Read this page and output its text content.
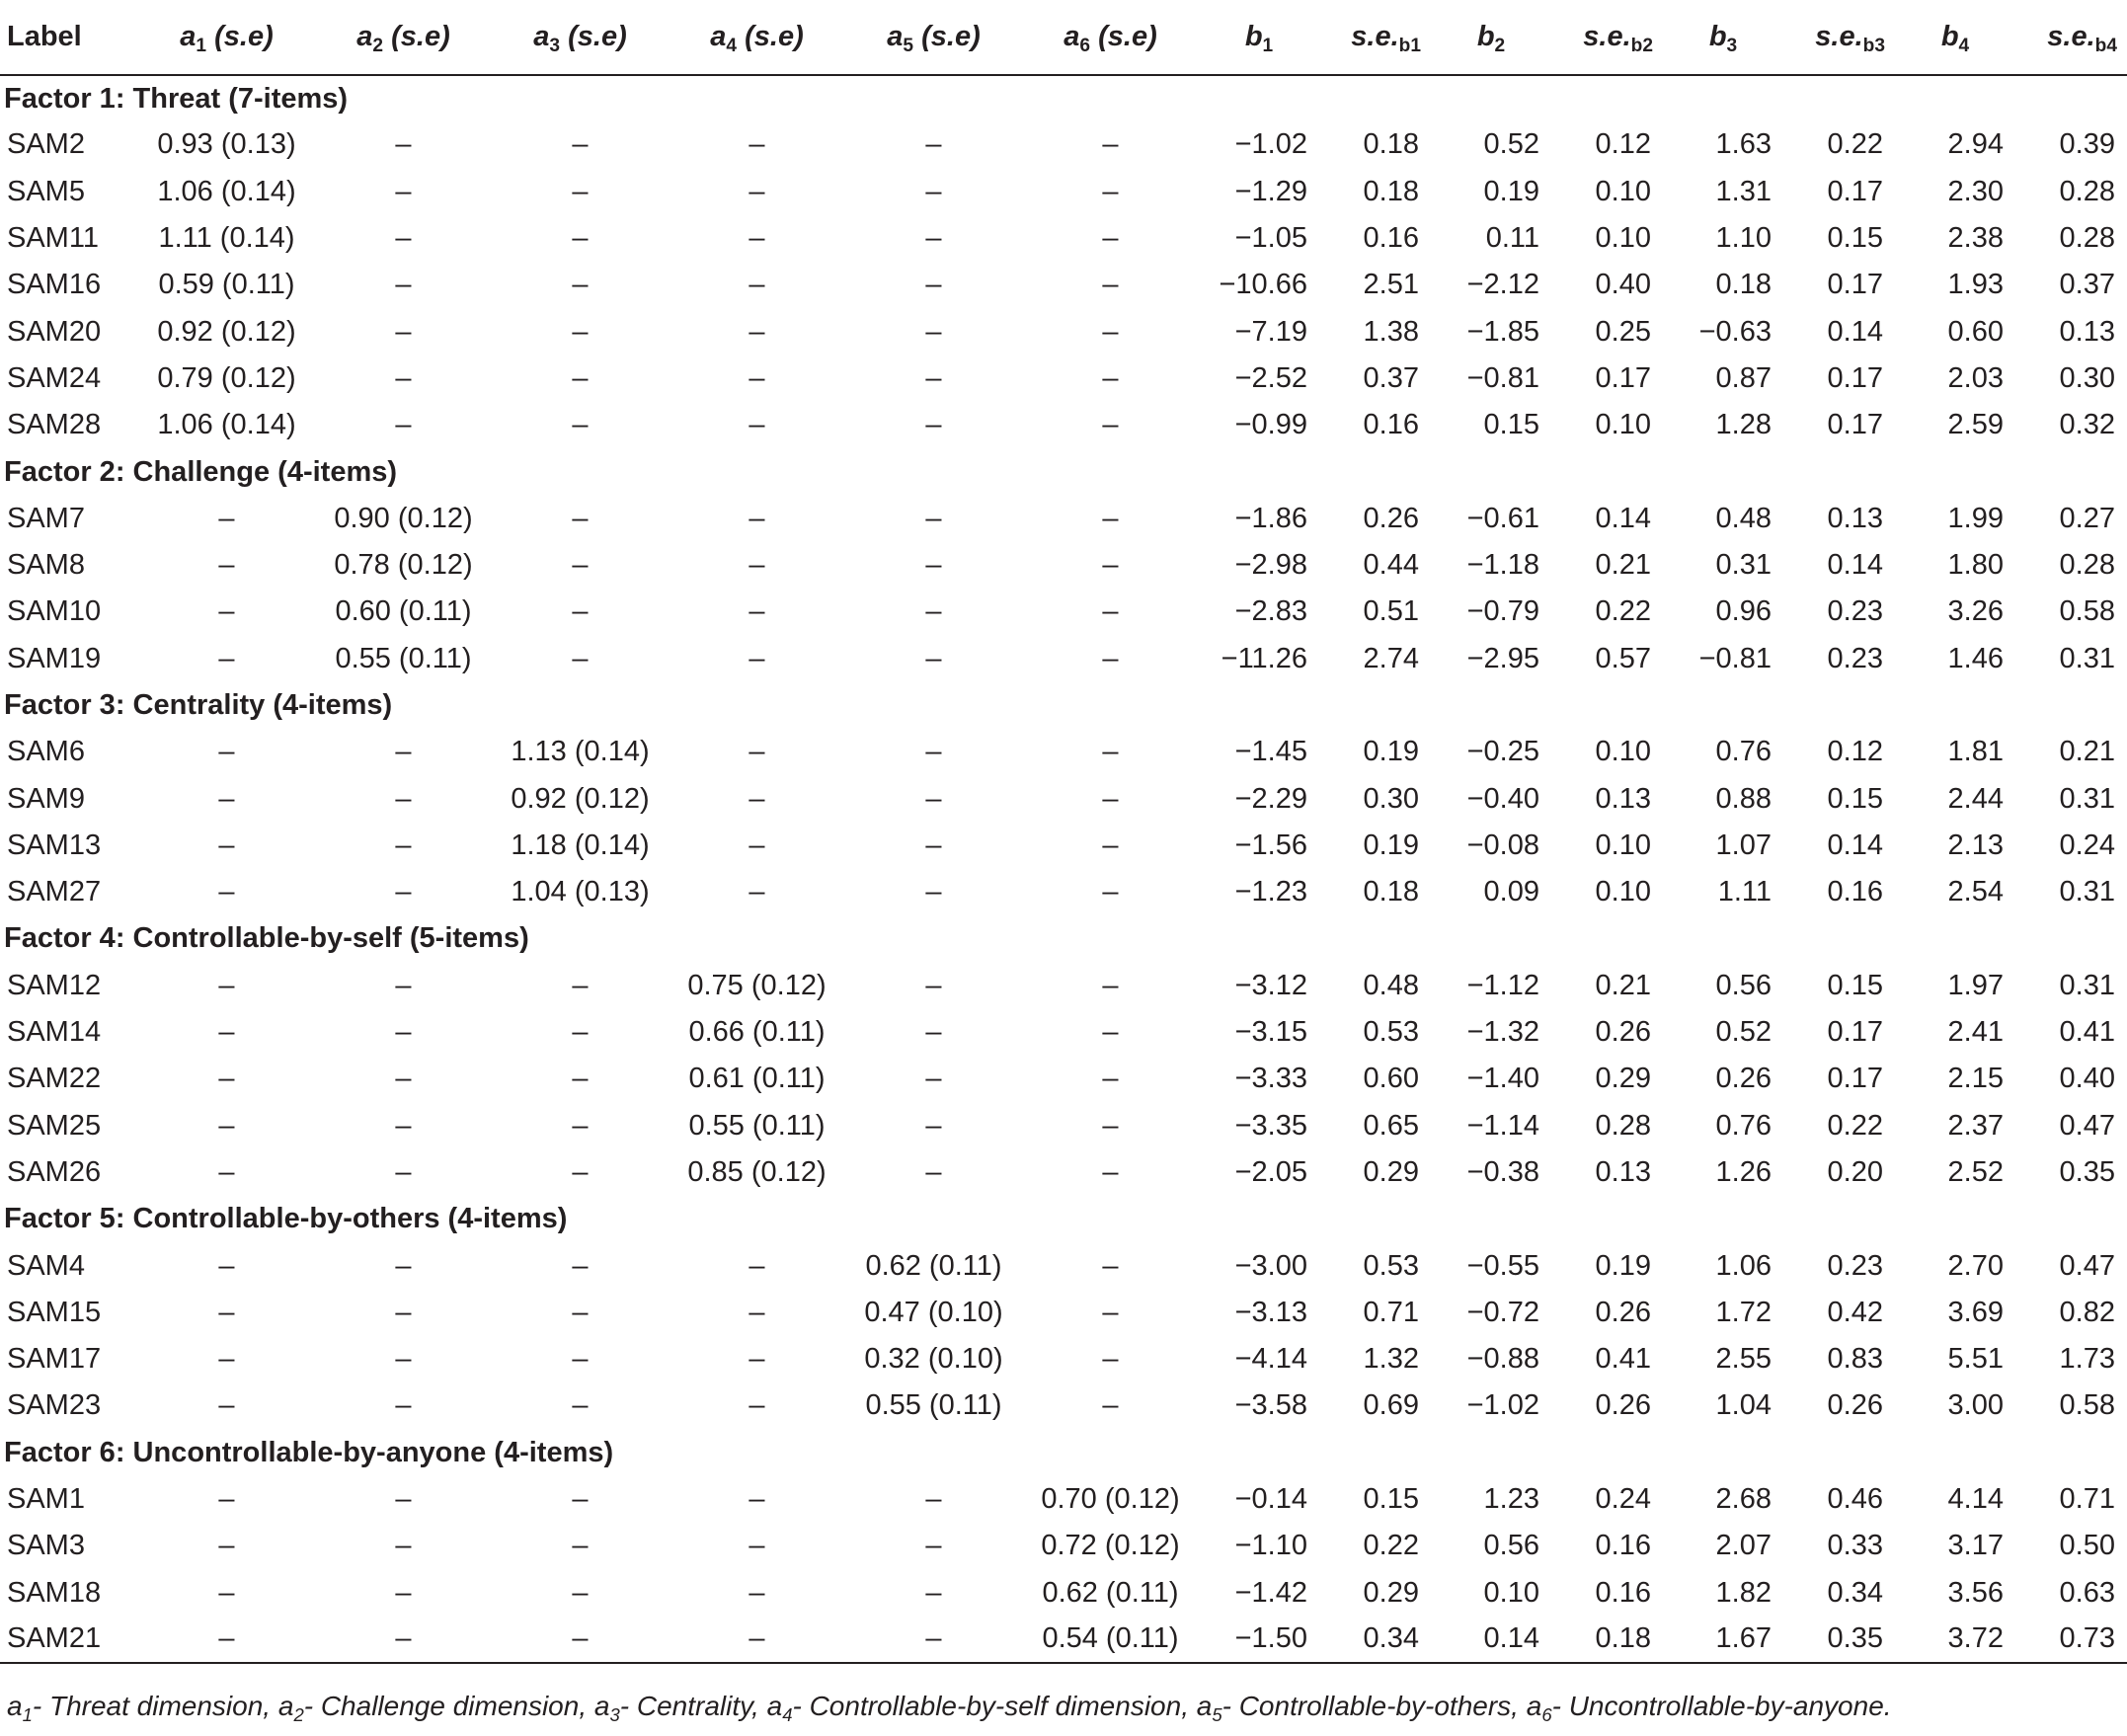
Label	$a_1$ (s.e)	$a_2$ (s.e)	$a_3$ (s.e)	$a_4$ (s.e)	$a_5$ (s.e)	$a_6$ (s.e)	$b_1$	$s.e._{b1}$	$b_2$	$s.e._{b2}$	$b_3$	$s.e._{b3}$	$b_4$	$s.e._{b4}$
Factor 1: Threat (7-items)														
SAM2	0.93 (0.13)	–	–	–	–	–	−1.02	0.18	0.52	0.12	1.63	0.22	2.94	0.39
SAM5	1.06 (0.14)	–	–	–	–	–	−1.29	0.18	0.19	0.10	1.31	0.17	2.30	0.28
SAM11	1.11 (0.14)	–	–	–	–	–	−1.05	0.16	0.11	0.10	1.10	0.15	2.38	0.28
SAM16	0.59 (0.11)	–	–	–	–	–	−10.66	2.51	−2.12	0.40	0.18	0.17	1.93	0.37
SAM20	0.92 (0.12)	–	–	–	–	–	−7.19	1.38	−1.85	0.25	−0.63	0.14	0.60	0.13
SAM24	0.79 (0.12)	–	–	–	–	–	−2.52	0.37	−0.81	0.17	0.87	0.17	2.03	0.30
SAM28	1.06 (0.14)	–	–	–	–	–	−0.99	0.16	0.15	0.10	1.28	0.17	2.59	0.32
Factor 2: Challenge (4-items)														
SAM7	–	0.90 (0.12)	–	–	–	–	−1.86	0.26	−0.61	0.14	0.48	0.13	1.99	0.27
SAM8	–	0.78 (0.12)	–	–	–	–	−2.98	0.44	−1.18	0.21	0.31	0.14	1.80	0.28
SAM10	–	0.60 (0.11)	–	–	–	–	−2.83	0.51	−0.79	0.22	0.96	0.23	3.26	0.58
SAM19	–	0.55 (0.11)	–	–	–	–	−11.26	2.74	−2.95	0.57	−0.81	0.23	1.46	0.31
Factor 3: Centrality (4-items)														
SAM6	–	–	1.13 (0.14)	–	–	–	−1.45	0.19	−0.25	0.10	0.76	0.12	1.81	0.21
SAM9	–	–	0.92 (0.12)	–	–	–	−2.29	0.30	−0.40	0.13	0.88	0.15	2.44	0.31
SAM13	–	–	1.18 (0.14)	–	–	–	−1.56	0.19	−0.08	0.10	1.07	0.14	2.13	0.24
SAM27	–	–	1.04 (0.13)	–	–	–	−1.23	0.18	0.09	0.10	1.11	0.16	2.54	0.31
Factor 4: Controllable-by-self (5-items)														
SAM12	–	–	–	0.75 (0.12)	–	–	−3.12	0.48	−1.12	0.21	0.56	0.15	1.97	0.31
SAM14	–	–	–	0.66 (0.11)	–	–	−3.15	0.53	−1.32	0.26	0.52	0.17	2.41	0.41
SAM22	–	–	–	0.61 (0.11)	–	–	−3.33	0.60	−1.40	0.29	0.26	0.17	2.15	0.40
SAM25	–	–	–	0.55 (0.11)	–	–	−3.35	0.65	−1.14	0.28	0.76	0.22	2.37	0.47
SAM26	–	–	–	0.85 (0.12)	–	–	−2.05	0.29	−0.38	0.13	1.26	0.20	2.52	0.35
Factor 5: Controllable-by-others (4-items)														
SAM4	–	–	–	–	0.62 (0.11)	–	−3.00	0.53	−0.55	0.19	1.06	0.23	2.70	0.47
SAM15	–	–	–	–	0.47 (0.10)	–	−3.13	0.71	−0.72	0.26	1.72	0.42	3.69	0.82
SAM17	–	–	–	–	0.32 (0.10)	–	−4.14	1.32	−0.88	0.41	2.55	0.83	5.51	1.73
SAM23	–	–	–	–	0.55 (0.11)	–	−3.58	0.69	−1.02	0.26	1.04	0.26	3.00	0.58
Factor 6: Uncontrollable-by-anyone (4-items)														
SAM1	–	–	–	–	–	0.70 (0.12)	−0.14	0.15	1.23	0.24	2.68	0.46	4.14	0.71
SAM3	–	–	–	–	–	0.72 (0.12)	−1.10	0.22	0.56	0.16	2.07	0.33	3.17	0.50
SAM18	–	–	–	–	–	0.62 (0.11)	−1.42	0.29	0.10	0.16	1.82	0.34	3.56	0.63
SAM21	–	–	–	–	–	0.54 (0.11)	−1.50	0.34	0.14	0.18	1.67	0.35	3.72	0.73
$a_1-$ Threat dimension, $a_2-$ Challenge dimension, $a_3-$ Centrality, $a_4-$ Controllable-by-self dimension, $a_5-$ Controllable-by-others, $a_6-$ Uncontrollable-by-anyone.
